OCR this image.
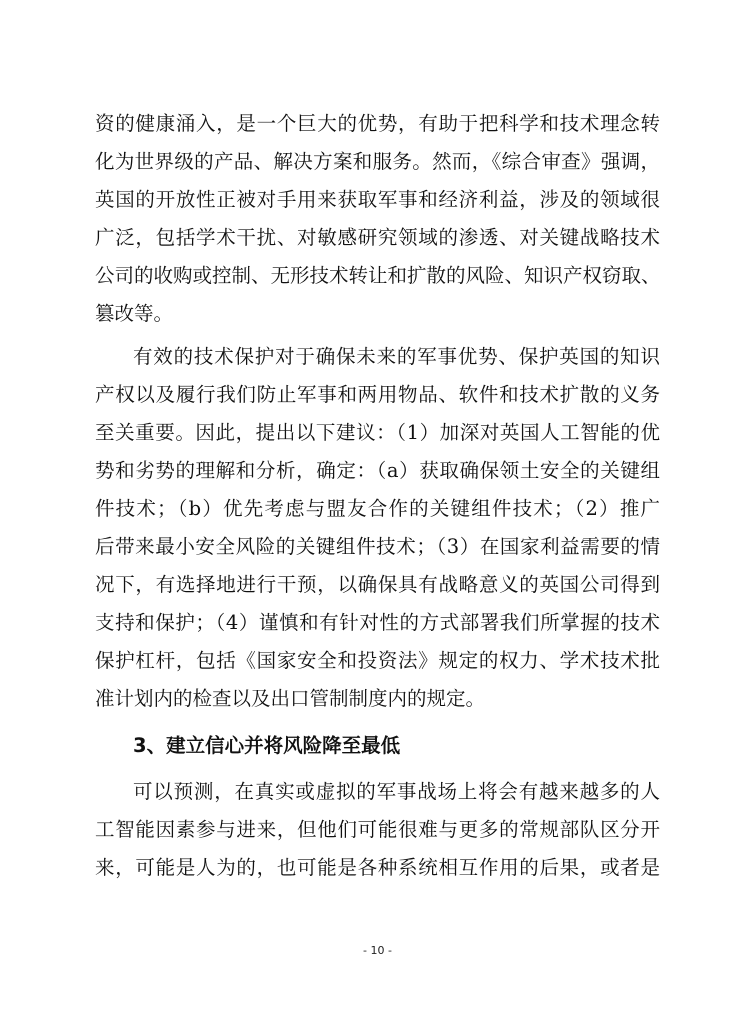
资的健康涌入，是一个巨大的优势，有助于把科学和技术理念转
化为世界级的产品、解决方案和服务。然而，《综合审查》强调，
英国的开放性正被对手用来获取军事和经济利益，涉及的领域很
广泛，包括学术干扰、对敏感研究领域的渗透、对关键战略技术
公司的收购或控制、无形技术转让和扩散的风险、知识产权窃取、
篡改等。
有效的技术保护对于确保未来的军事优势、保护英国的知识
产权以及履行我们防止军事和两用物品、软件和技术扩散的义务
至关重要。因此，提出以下建议：（1）加深对英国人工智能的优
势和劣势的理解和分析，确定：（a）获取确保领土安全的关键组
件技术；（b）优先考虑与盟友合作的关键组件技术；（2）推广
后带来最小安全风险的关键组件技术；（3）在国家利益需要的情
况下，有选择地进行干预，以确保具有战略意义的英国公司得到
支持和保护；（4）谨慎和有针对性的方式部署我们所掌握的技术
保护杠杆，包括《国家安全和投资法》规定的权力、学术技术批
准计划内的检查以及出口管制制度内的规定。
3、建立信心并将风险降至最低
可以预测，在真实或虚拟的军事战场上将会有越来越多的人
工智能因素参与进来，但他们可能很难与更多的常规部队区分开
来，可能是人为的，也可能是各种系统相互作用的后果，或者是
- 10 -
